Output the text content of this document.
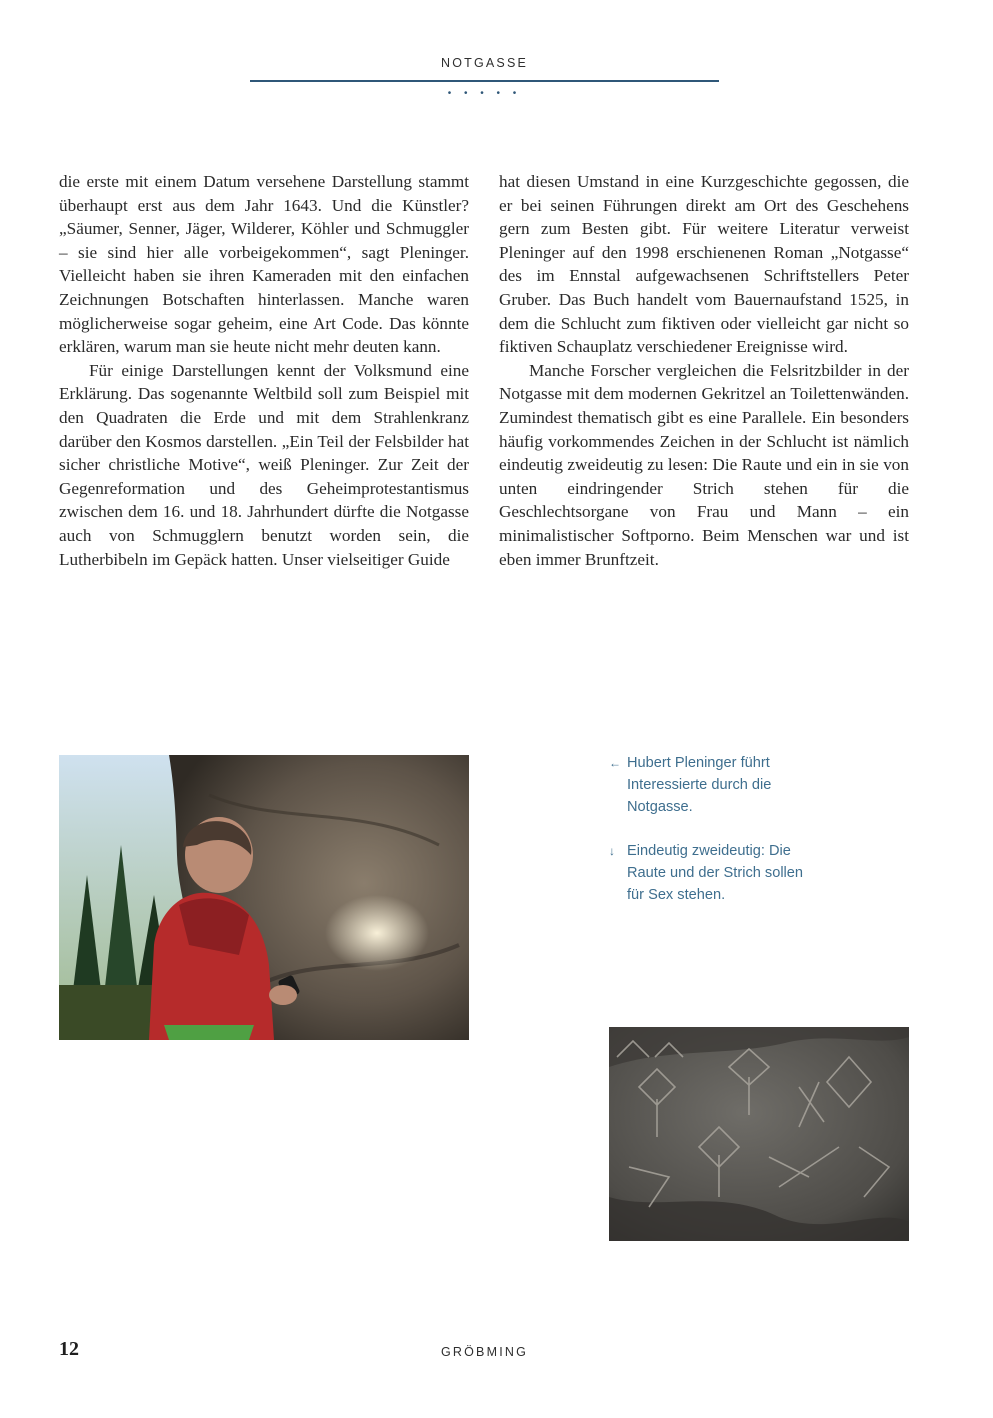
NOTGASSE
• • • • •

die erste mit einem Datum versehene Darstellung stammt überhaupt erst aus dem Jahr 1643. Und die Künstler? „Säumer, Senner, Jäger, Wilderer, Köhler und Schmuggler – sie sind hier alle vorbeigekommen“, sagt Pleninger. Vielleicht haben sie ihren Kameraden mit den einfachen Zeichnungen Botschaften hinterlassen. Manche waren möglicherweise sogar geheim, eine Art Code. Das könnte erklären, warum man sie heute nicht mehr deuten kann.

Für einige Darstellungen kennt der Volksmund eine Erklärung. Das sogenannte Weltbild soll zum Beispiel mit den Quadraten die Erde und mit dem Strahlenkranz darüber den Kosmos darstellen. „Ein Teil der Felsbilder hat sicher christliche Motive“, weiß Pleninger. Zur Zeit der Gegenreformation und des Geheimprotestantismus zwischen dem 16. und 18. Jahrhundert dürfte die Notgasse auch von Schmugglern benutzt worden sein, die Lutherbibeln im Gepäck hatten. Unser vielseitiger Guide

hat diesen Umstand in eine Kurzgeschichte gegossen, die er bei seinen Führungen direkt am Ort des Geschehens gern zum Besten gibt. Für weitere Literatur verweist Pleninger auf den 1998 erschienenen Roman „Notgasse“ des im Ennstal aufgewachsenen Schriftstellers Peter Gruber. Das Buch handelt vom Bauernaufstand 1525, in dem die Schlucht zum fiktiven oder vielleicht gar nicht so fiktiven Schauplatz verschiedener Ereignisse wird.

Manche Forscher vergleichen die Felsritzbilder in der Notgasse mit dem modernen Gekritzel an Toilettenwänden. Zumindest thematisch gibt es eine Parallele. Ein besonders häufig vorkommendes Zeichen in der Schlucht ist nämlich eindeutig zweideutig zu lesen: Die Raute und ein in sie von unten eindringender Strich stehen für die Geschlechtsorgane von Frau und Mann – ein minimalistischer Softporno. Beim Menschen war und ist eben immer Brunftzeit.

← Hubert Pleninger führt Interessierte durch die Notgasse.
↓ Eindeutig zweideutig: Die Raute und der Strich sollen für Sex stehen.
12	GRÖBMING
